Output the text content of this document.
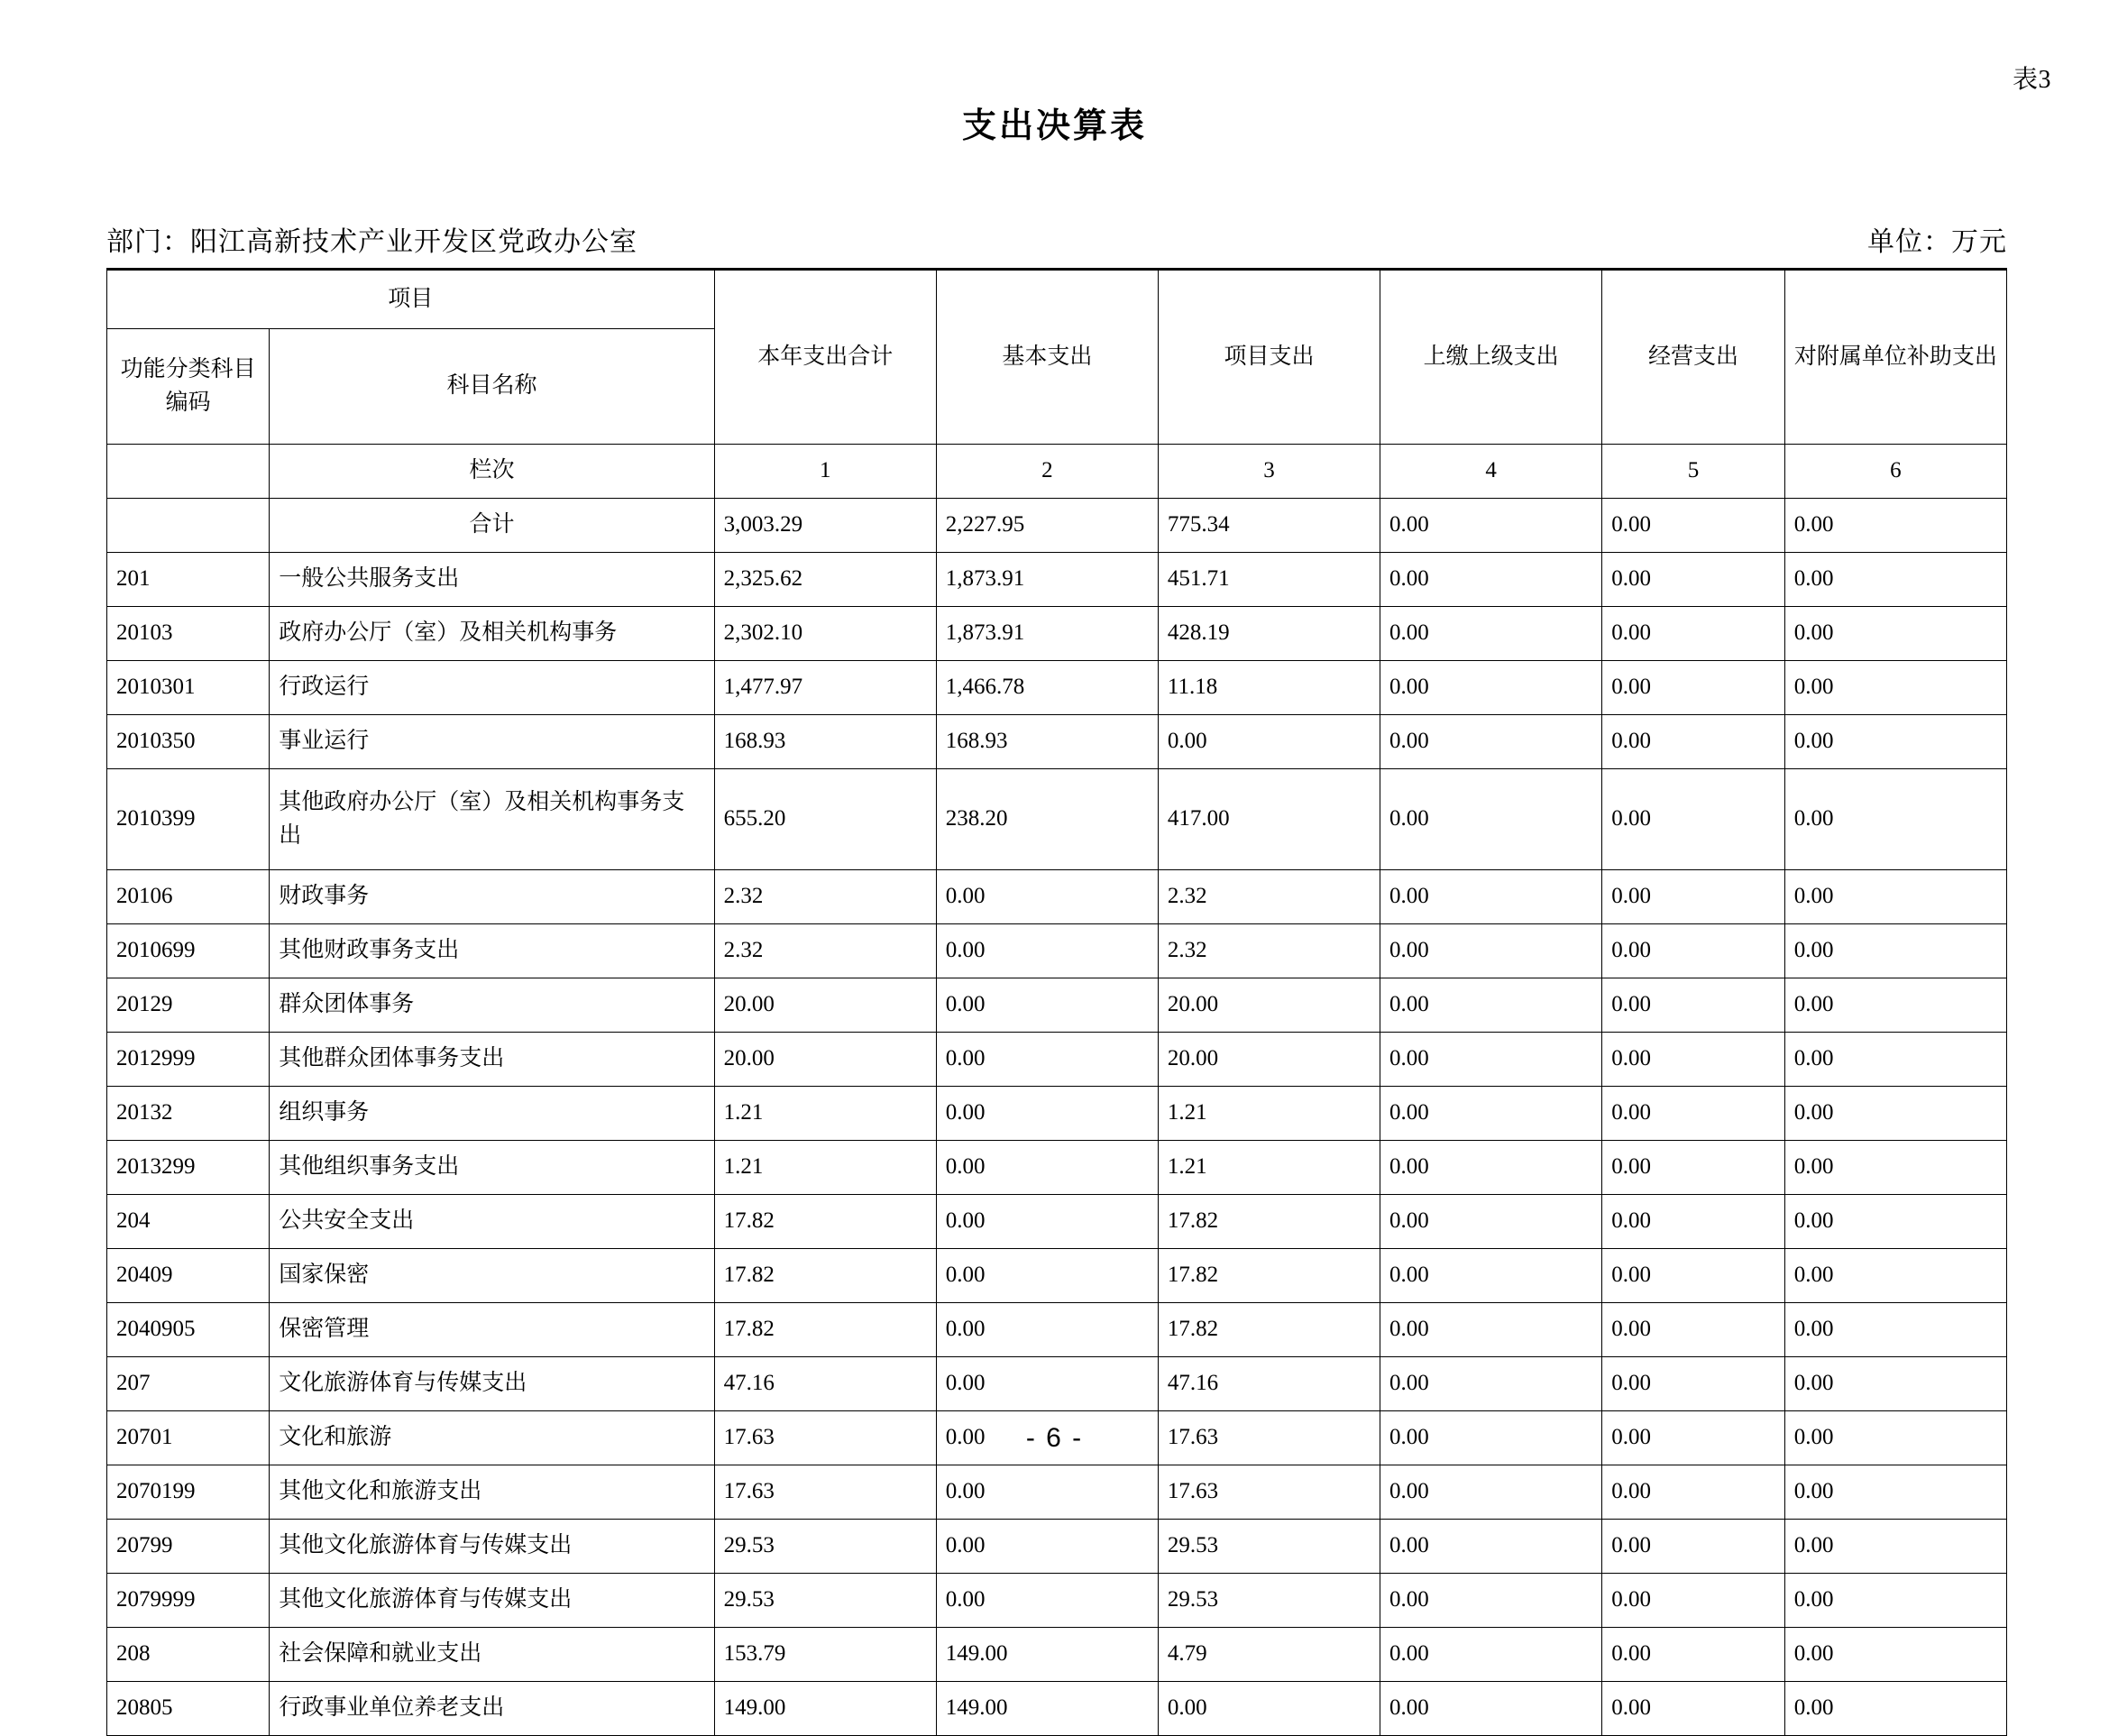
表3
支出决算表
部门：阳江高新技术产业开发区党政办公室	单位：万元
项目		本年支出合计	基本支出	项目支出	上缴上级支出	经营支出	对附属单位补助支出
功能分类科目编码	科目名称						
	栏次	1	2	3	4	5	6
	合计	3,003.29	2,227.95	775.34	0.00	0.00	0.00
201	一般公共服务支出	2,325.62	1,873.91	451.71	0.00	0.00	0.00
20103	政府办公厅（室）及相关机构事务	2,302.10	1,873.91	428.19	0.00	0.00	0.00
2010301	行政运行	1,477.97	1,466.78	11.18	0.00	0.00	0.00
2010350	事业运行	168.93	168.93	0.00	0.00	0.00	0.00
2010399	其他政府办公厅（室）及相关机构事务支出	655.20	238.20	417.00	0.00	0.00	0.00
20106	财政事务	2.32	0.00	2.32	0.00	0.00	0.00
2010699	其他财政事务支出	2.32	0.00	2.32	0.00	0.00	0.00
20129	群众团体事务	20.00	0.00	20.00	0.00	0.00	0.00
2012999	其他群众团体事务支出	20.00	0.00	20.00	0.00	0.00	0.00
20132	组织事务	1.21	0.00	1.21	0.00	0.00	0.00
2013299	其他组织事务支出	1.21	0.00	1.21	0.00	0.00	0.00
204	公共安全支出	17.82	0.00	17.82	0.00	0.00	0.00
20409	国家保密	17.82	0.00	17.82	0.00	0.00	0.00
2040905	保密管理	17.82	0.00	17.82	0.00	0.00	0.00
207	文化旅游体育与传媒支出	47.16	0.00	47.16	0.00	0.00	0.00
20701	文化和旅游	17.63	0.00	17.63	0.00	0.00	0.00
2070199	其他文化和旅游支出	17.63	0.00	17.63	0.00	0.00	0.00
20799	其他文化旅游体育与传媒支出	29.53	0.00	29.53	0.00	0.00	0.00
2079999	其他文化旅游体育与传媒支出	29.53	0.00	29.53	0.00	0.00	0.00
208	社会保障和就业支出	153.79	149.00	4.79	0.00	0.00	0.00
20805	行政事业单位养老支出	149.00	149.00	0.00	0.00	0.00	0.00
- 6 -
